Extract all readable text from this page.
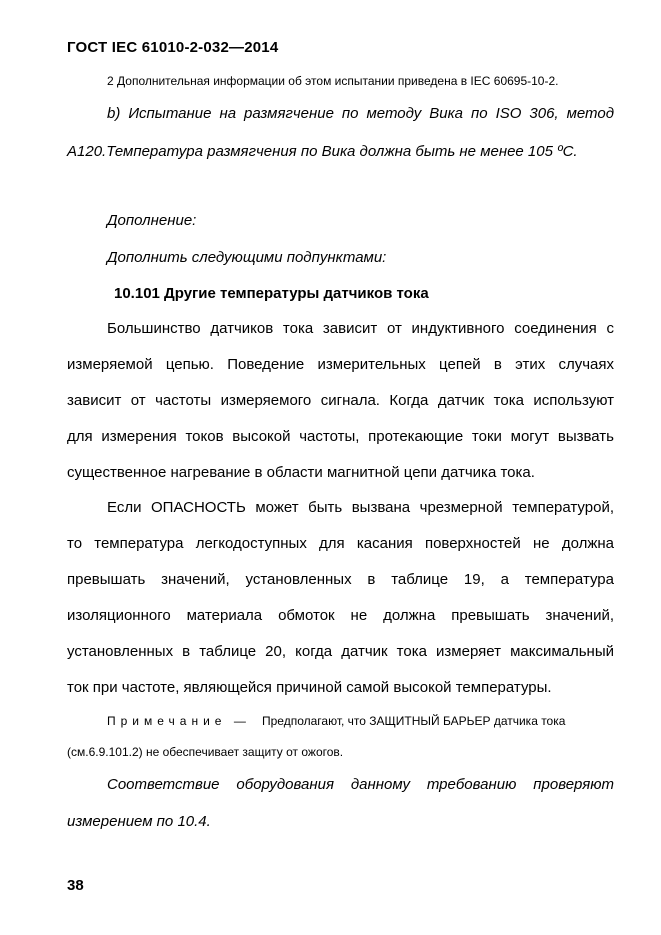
ГОСТ IEC 61010-2-032—2014
2 Дополнительная информации об этом испытании приведена в IEC 60695-10-2.
b) Испытание на размягчение по методу Вика по ISO 306, метод
A120.Температура размягчения по Вика должна быть не менее 105 ºС.
Дополнение:
Дополнить следующими подпунктами:
10.101 Другие температуры датчиков тока
Большинство датчиков тока зависит от индуктивного соединения с
измеряемой цепью. Поведение измерительных цепей в этих случаях
зависит от частоты измеряемого сигнала. Когда датчик тока используют
для измерения токов высокой частоты, протекающие токи могут вызвать
существенное нагревание в области магнитной цепи датчика тока.
Если ОПАСНОСТЬ может быть вызвана чрезмерной температурой,
то температура легкодоступных для касания поверхностей не должна
превышать значений, установленных в таблице 19, а температура
изоляционного материала обмоток не должна превышать значений,
установленных в таблице 20, когда датчик тока измеряет максимальный
ток при частоте, являющейся причиной самой высокой температуры.
Примечание — Предполагают, что ЗАЩИТНЫЙ БАРЬЕР датчика тока
(см.6.9.101.2) не обеспечивает защиту от ожогов.
Соответствие оборудования данному требованию проверяют
измерением по 10.4.
38
